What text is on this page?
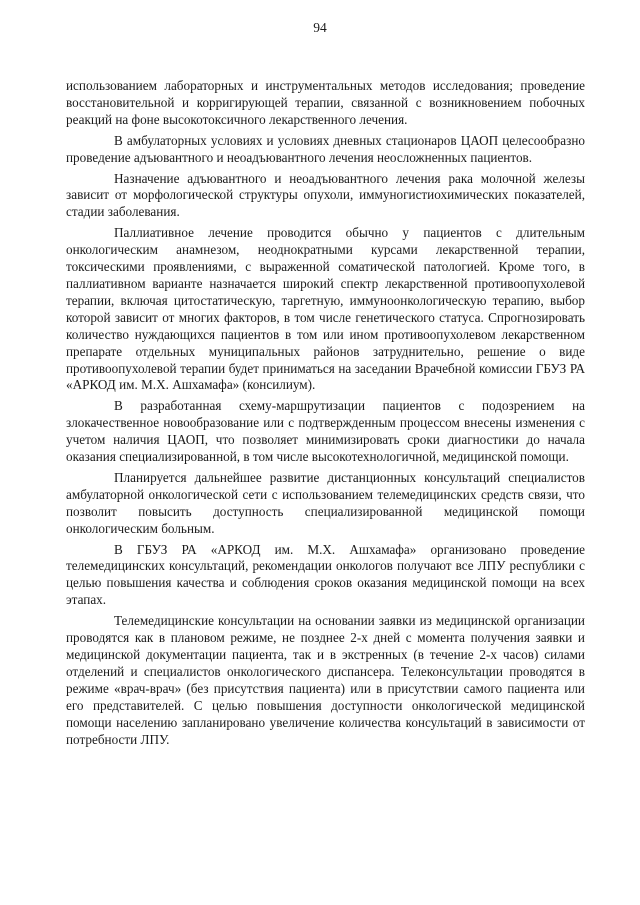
94

использованием лабораторных и инструментальных методов исследования; проведение восстановительной и корригирующей терапии, связанной с возникновением побочных реакций на фоне высокотоксичного лекарственного лечения.

В амбулаторных условиях и условиях дневных стационаров ЦАОП целесообразно проведение адъювантного и неоадъювантного лечения неосложненных пациентов.

Назначение адъювантного и неоадъювантного лечения рака молочной железы зависит от морфологической структуры опухоли, иммуногистиохимических показателей, стадии заболевания.

Паллиативное лечение проводится обычно у пациентов с длительным онкологическим анамнезом, неоднократными курсами лекарственной терапии, токсическими проявлениями, с выраженной соматической патологией. Кроме того, в паллиативном варианте назначается широкий спектр лекарственной противоопухолевой терапии, включая цитостатическую, таргетную, иммуноонкологическую терапию, выбор которой зависит от многих факторов, в том числе генетического статуса. Спрогнозировать количество нуждающихся пациентов в том или ином противоопухолевом лекарственном препарате отдельных муниципальных районов затруднительно, решение о виде противоопухолевой терапии будет приниматься на заседании Врачебной комиссии ГБУЗ РА «АРКОД им. М.Х. Ашхамафа» (консилиум).

В разработанная схему-маршрутизации пациентов с подозрением на злокачественное новообразование или с подтвержденным процессом внесены изменения с учетом наличия ЦАОП, что позволяет минимизировать сроки диагностики до начала оказания специализированной, в том числе высокотехнологичной, медицинской помощи.

Планируется дальнейшее развитие дистанционных консультаций специалистов амбулаторной онкологической сети с использованием телемедицинских средств связи, что позволит повысить доступность специализированной медицинской помощи онкологическим больным.

В ГБУЗ РА «АРКОД им. М.Х. Ашхамафа» организовано проведение телемедицинских консультаций, рекомендации онкологов получают все ЛПУ республики с целью повышения качества и соблюдения сроков оказания медицинской помощи на всех этапах.

Телемедицинские консультации на основании заявки из медицинской организации проводятся как в плановом режиме, не позднее 2-х дней с момента получения заявки и медицинской документации пациента, так и в экстренных (в течение 2-х часов) силами отделений и специалистов онкологического диспансера. Телеконсультации проводятся в режиме «врач-врач» (без присутствия пациента) или в присутствии самого пациента или его представителей. С целью повышения доступности онкологической медицинской помощи населению запланировано увеличение количества консультаций в зависимости от потребности ЛПУ.
